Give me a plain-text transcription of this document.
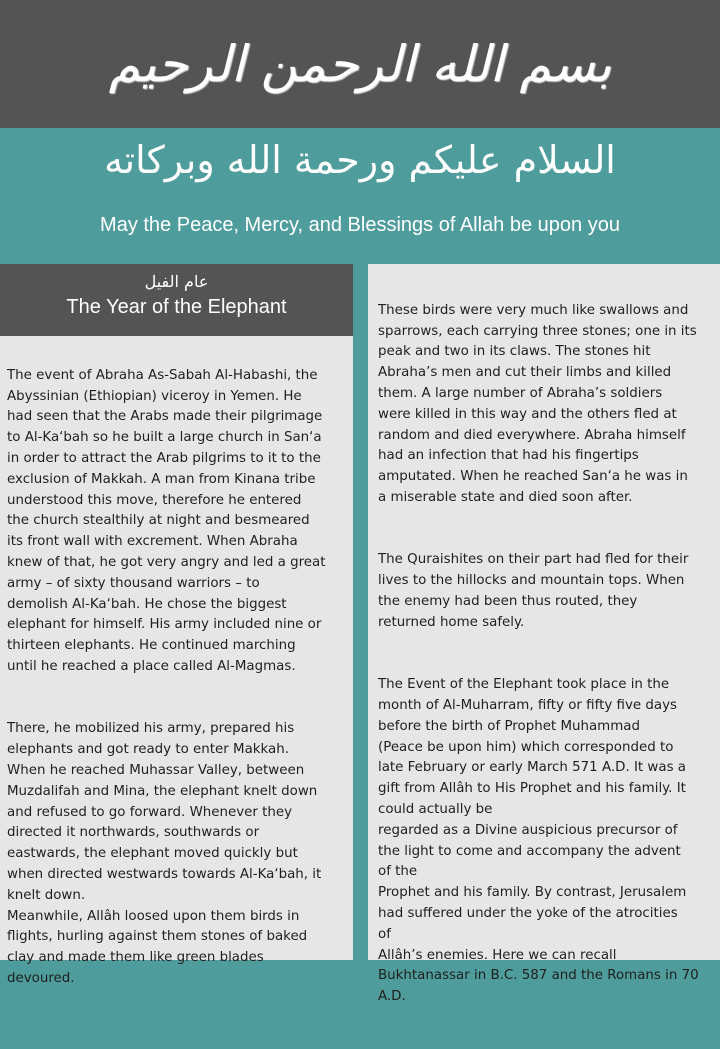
بسم الله الرحمن الرحيم
السلام عليكم ورحمة الله وبركاته
May the Peace, Mercy, and Blessings of Allah be upon you
عام الفيل
The Year of the Elephant

The event of Abraha As-Sabah Al-Habashi, the
Abyssinian (Ethiopian) viceroy in Yemen. He
had seen that the Arabs made their pilgrimage
to Al-Ka‘bah so he built a large church in San‘a
in order to attract the Arab pilgrims to it to the
exclusion of Makkah. A man from Kinana tribe
understood this move, therefore he entered
the church stealthily at night and besmeared
its front wall with excrement. When Abraha
knew of that, he got very angry and led a great
army – of sixty thousand warriors – to
demolish Al-Ka‘bah. He chose the biggest
elephant for himself. His army included nine or
thirteen elephants. He continued marching
until he reached a place called Al-Magmas.

There, he mobilized his army, prepared his
elephants and got ready to enter Makkah.
When he reached Muhassar Valley, between
Muzdalifah and Mina, the elephant knelt down
and refused to go forward. Whenever they
directed it northwards, southwards or
eastwards, the elephant moved quickly but
when directed westwards towards Al-Ka‘bah, it
knelt down.
Meanwhile, Allâh loosed upon them birds in
flights, hurling against them stones of baked
clay and made them like green blades
devoured.

These birds were very much like swallows and
sparrows, each carrying three stones; one in its
peak and two in its claws. The stones hit
Abraha’s men and cut their limbs and killed
them. A large number of Abraha’s soldiers
were killed in this way and the others fled at
random and died everywhere. Abraha himself
had an infection that had his fingertips
amputated. When he reached San‘a he was in
a miserable state and died soon after.

The Quraishites on their part had fled for their
lives to the hillocks and mountain tops. When
the enemy had been thus routed, they
returned home safely.

The Event of the Elephant took place in the
month of Al-Muharram, fifty or fifty five days
before the birth of Prophet Muhammad
(Peace be upon him) which corresponded to
late February or early March 571 A.D. It was a
gift from Allâh to His Prophet and his family. It
could actually be
regarded as a Divine auspicious precursor of
the light to come and accompany the advent
of the
Prophet and his family. By contrast, Jerusalem
had suffered under the yoke of the atrocities
of
Allâh’s enemies. Here we can recall
Bukhtanassar in B.C. 587 and the Romans in 70
A.D.
